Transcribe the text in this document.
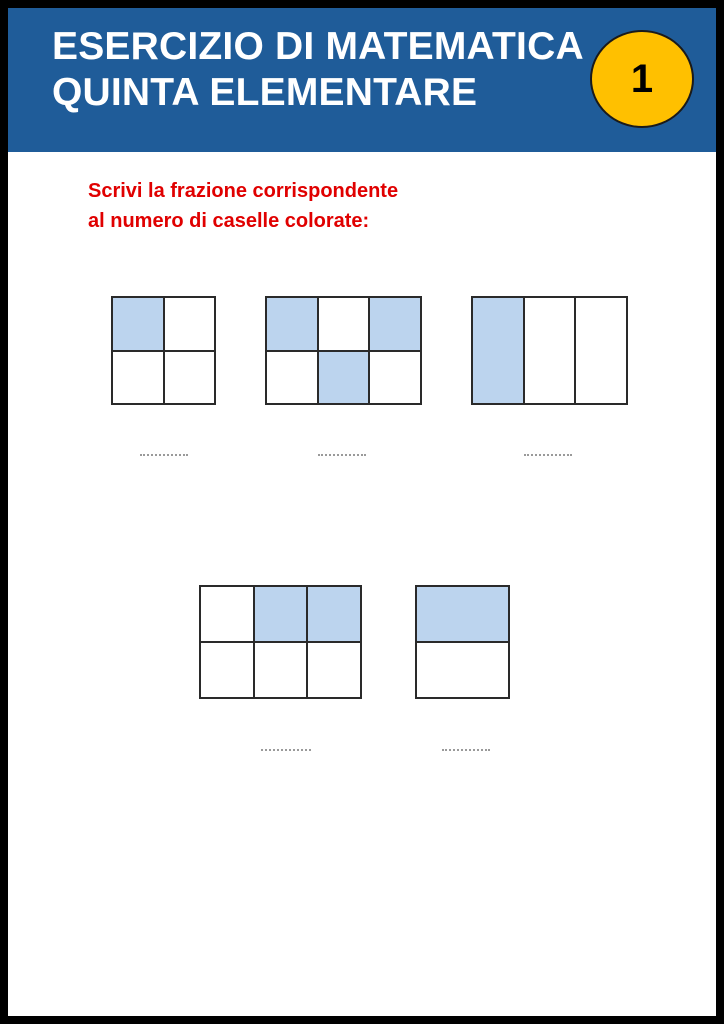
ESERCIZIO DI MATEMATICA
QUINTA ELEMENTARE	1

Scrivi la frazione corrispondente
al numero di caselle colorate:
